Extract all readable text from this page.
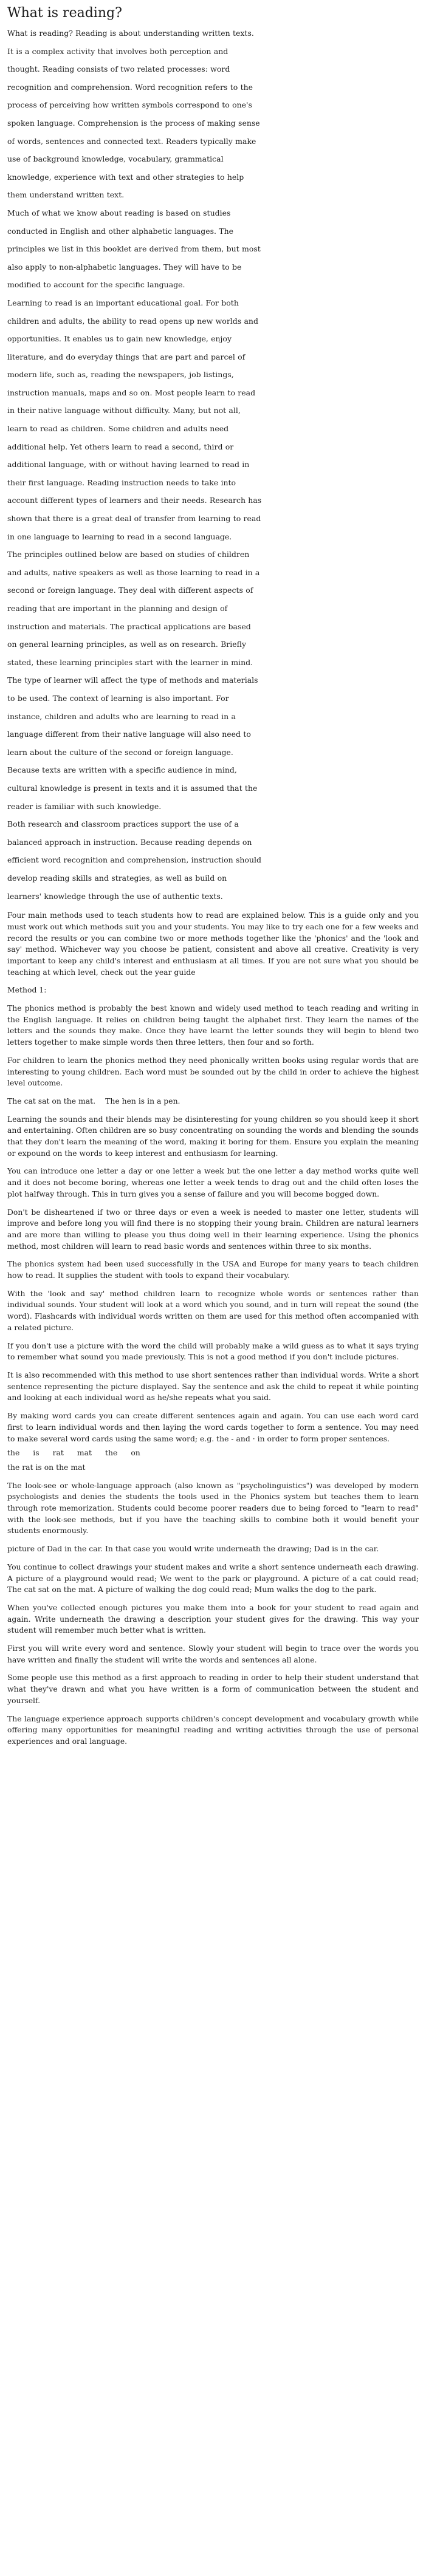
What is reading?

What is reading? Reading is about understanding written texts. It is a complex activity that involves both perception and thought. Reading consists of two related processes: word recognition and comprehension. Word recognition refers to the process of perceiving how written symbols correspond to one's spoken language. Comprehension is the process of making sense of words, sentences and connected text. Readers typically make use of background knowledge, vocabulary, grammatical knowledge, experience with text and other strategies to help them understand written text.

Much of what we know about reading is based on studies conducted in English and other alphabetic languages. The principles we list in this booklet are derived from them, but most also apply to non-alphabetic languages. They will have to be modified to account for the specific language.

Learning to read is an important educational goal. For both children and adults, the ability to read opens up new worlds and opportunities. It enables us to gain new knowledge, enjoy literature, and do everyday things that are part and parcel of modern life, such as, reading the newspapers, job listings, instruction manuals, maps and so on. Most people learn to read in their native language without difficulty. Many, but not all, learn to read as children. Some children and adults need additional help. Yet others learn to read a second, third or additional language, with or without having learned to read in their first language. Reading instruction needs to take into account different types of learners and their needs. Research has shown that there is a great deal of transfer from learning to read in one language to learning to read in a second language.

The principles outlined below are based on studies of children and adults, native speakers as well as those learning to read in a second or foreign language. They deal with different aspects of reading that are important in the planning and design of instruction and materials. The practical applications are based on general learning principles, as well as on research. Briefly stated, these learning principles start with the learner in mind. The type of learner will affect the type of methods and materials to be used. The context of learning is also important. For instance, children and adults who are learning to read in a language different from their native language will also need to learn about the culture of the second or foreign language.

Because texts are written with a specific audience in mind, cultural knowledge is present in texts and it is assumed that the reader is familiar with such knowledge.

Both research and classroom practices support the use of a balanced approach in instruction. Because reading depends on efficient word recognition and comprehension, instruction should develop reading skills and strategies, as well as build on learners' knowledge through the use of authentic texts.

Four main methods used to teach students how to read are explained below. This is a guide only and you must work out which methods suit you and your students. You may like to try each one for a few weeks and record the results or you can combine two or more methods together like the 'phonics' and the 'look and say' method. Whichever way you choose be patient, consistent and above all creative. Creativity is very important to keep any child's interest and enthusiasm at all times. If you are not sure what you should be teaching at which level, check out the year guide

Method 1:

The phonics method is probably the best known and widely used method to teach reading and writing in the English language. It relies on children being taught the alphabet first. They learn the names of the letters and the sounds they make. Once they have learnt the letter sounds they will begin to blend two letters together to make simple words then three letters, then four and so forth.

For children to learn the phonics method they need phonically written books using regular words that are interesting to young children. Each word must be sounded out by the child in order to achieve the highest level outcome.

The cat sat on the mat. The hen is in a pen.

Learning the sounds and their blends may be disinteresting for young children so you should keep it short and entertaining. Often children are so busy concentrating on sounding the words and blending the sounds that they don't learn the meaning of the word, making it boring for them. Ensure you explain the meaning or expound on the words to keep interest and enthusiasm for learning.

You can introduce one letter a day or one letter a week but the one letter a day method works quite well and it does not become boring, whereas one letter a week tends to drag out and the child often loses the plot halfway through. This in turn gives you a sense of failure and you will become bogged down.

Don't be disheartened if two or three days or even a week is needed to master one letter, students will improve and before long you will find there is no stopping their young brain. Children are natural learners and are more than willing to please you thus doing well in their learning experience. Using the phonics method, most children will learn to read basic words and sentences within three to six months.

The phonics system had been used successfully in the USA and Europe for many years to teach children how to read. It supplies the student with tools to expand their vocabulary.

With the 'look and say' method children learn to recognize whole words or sentences rather than individual sounds. Your student will look at a word which you sound, and in turn will repeat the sound (the word). Flashcards with individual words written on them are used for this method often accompanied with a related picture.

If you don't use a picture with the word the child will probably make a wild guess as to what it says trying to remember what sound you made previously. This is not a good method if you don't include pictures.

It is also recommended with this method to use short sentences rather than individual words. Write a short sentence representing the picture displayed. Say the sentence and ask the child to repeat it while pointing and looking at each individual word as he/she repeats what you said.

By making word cards you can create different sentences again and again. You can use each word card first to learn individual words and then laying the word cards together to form a sentence. You may need to make several word cards using the same word; e.g. the - and · in order to form proper sentences.

the is rat mat the on

the rat is on the mat

The look-see or whole-language approach (also known as "psycholinguistics") was developed by modern psychologists and denies the students the tools used in the Phonics system but teaches them to learn through rote memorization. Students could become poorer readers due to being forced to "learn to read" with the look-see methods, but if you have the teaching skills to combine both it would benefit your students enormously.

picture of Dad in the car. In that case you would write underneath the drawing; Dad is in the car.

You continue to collect drawings your student makes and write a short sentence underneath each drawing. A picture of a playground would read; We went to the park or playground. A picture of a cat could read; The cat sat on the mat. A picture of walking the dog could read; Mum walks the dog to the park.

When you've collected enough pictures you make them into a book for your student to read again and again. Write underneath the drawing a description your student gives for the drawing. This way your student will remember much better what is written.

First you will write every word and sentence. Slowly your student will begin to trace over the words you have written and finally the student will write the words and sentences all alone.

Some people use this method as a first approach to reading in order to help their student understand that what they've drawn and what you have written is a form of communication between the student and yourself.

The language experience approach supports children's concept development and vocabulary growth while offering many opportunities for meaningful reading and writing activities through the use of personal experiences and oral language.
